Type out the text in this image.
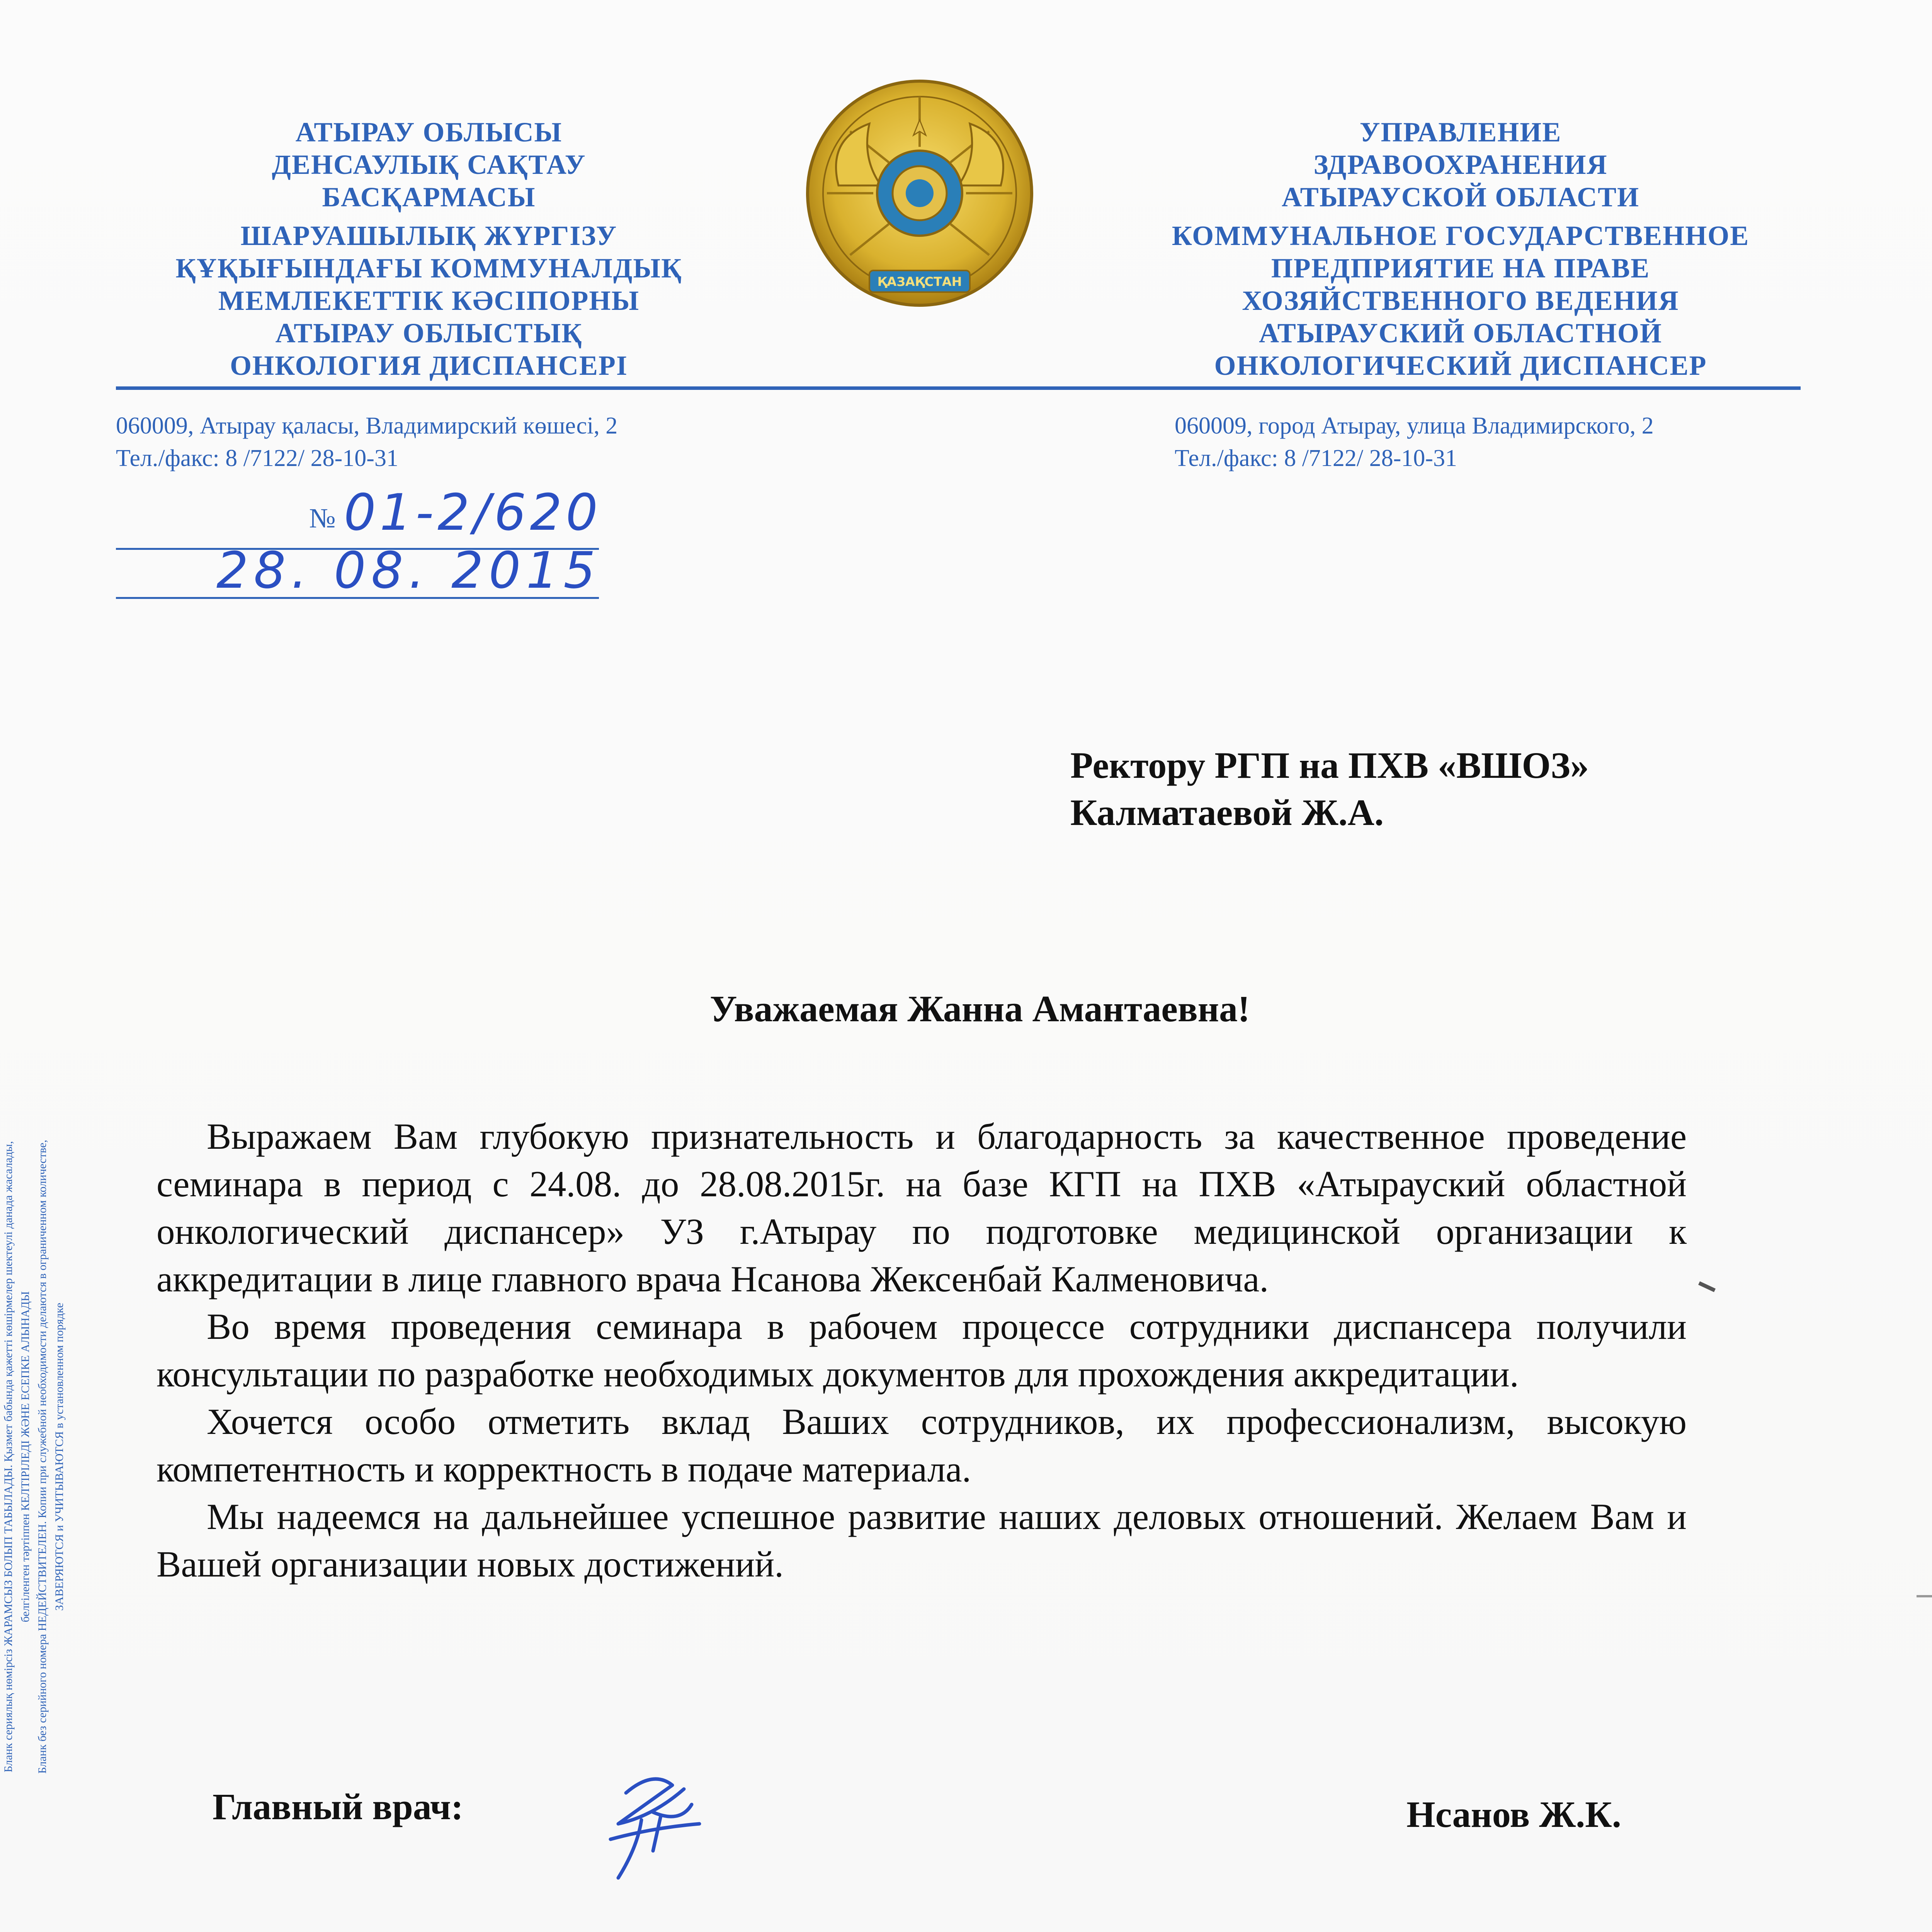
АТЫРАУ ОБЛЫСЫ
ДЕНСАУЛЫҚ САҚТАУ
БАСҚАРМАСЫ
ШАРУАШЫЛЫҚ ЖҮРГІЗУ
ҚҰҚЫҒЫНДАҒЫ КОММУНАЛДЫҚ
МЕМЛЕКЕТТІК КӘСІПОРНЫ
АТЫРАУ ОБЛЫСТЫҚ
ОНКОЛОГИЯ ДИСПАНСЕРІ
ҚАЗАҚСТАН
УПРАВЛЕНИЕ
ЗДРАВООХРАНЕНИЯ
АТЫРАУСКОЙ ОБЛАСТИ
КОММУНАЛЬНОЕ ГОСУДАРСТВЕННОЕ
ПРЕДПРИЯТИЕ НА ПРАВЕ
ХОЗЯЙСТВЕННОГО ВЕДЕНИЯ
АТЫРАУСКИЙ ОБЛАСТНОЙ
ОНКОЛОГИЧЕСКИЙ ДИСПАНСЕР
060009, Атырау қаласы, Владимирский көшесі, 2
Тел./факс: 8 /7122/ 28-10-31
060009, город Атырау, улица Владимирского, 2
Тел./факс: 8 /7122/ 28-10-31
№ 01-2/620
28. 08. 2015
Ректору РГП на ПХВ «ВШОЗ»
Калматаевой Ж.А.
Уважаемая Жанна Амантаевна!

Выражаем Вам глубокую признательность и благодарность за качественное проведение семинара в период с 24.08. до 28.08.2015г. на базе КГП на ПХВ «Атырауский областной онкологический диспансер» УЗ г.Атырау по подготовке медицинской организации к аккредитации в лице главного врача Нсанова Жексенбай Калменовича.

Во время проведения семинара в рабочем процессе сотрудники диспансера получили консультации по разработке необходимых документов для прохождения аккредитации.

Хочется особо отметить вклад Ваших сотрудников, их профессионализм, высокую компетентность и корректность в подаче материала.

Мы надеемся на дальнейшее успешное развитие наших деловых отношений. Желаем Вам и Вашей организации новых достижений.

Главный врач:	Нсанов Ж.К.
Бланк сериялық нөмірсіз ЖАРАМСЫЗ БОЛЫП ТАБЫЛАДЫ. Қызмет бабында қажетті көшірмелер шектеулі данада жасалады, белгіленген тәртіппен КЕЛТІРІЛЕДІ ЖӘНЕ ЕСЕПКЕ АЛЫНАДЫ Бланк без серийного номера НЕДЕЙСТВИТЕЛЕН. Копии при служебной необходимости делаются в ограниченном количестве, ЗАВЕРЯЮТСЯ и УЧИТЫВАЮТСЯ в установленном порядке
